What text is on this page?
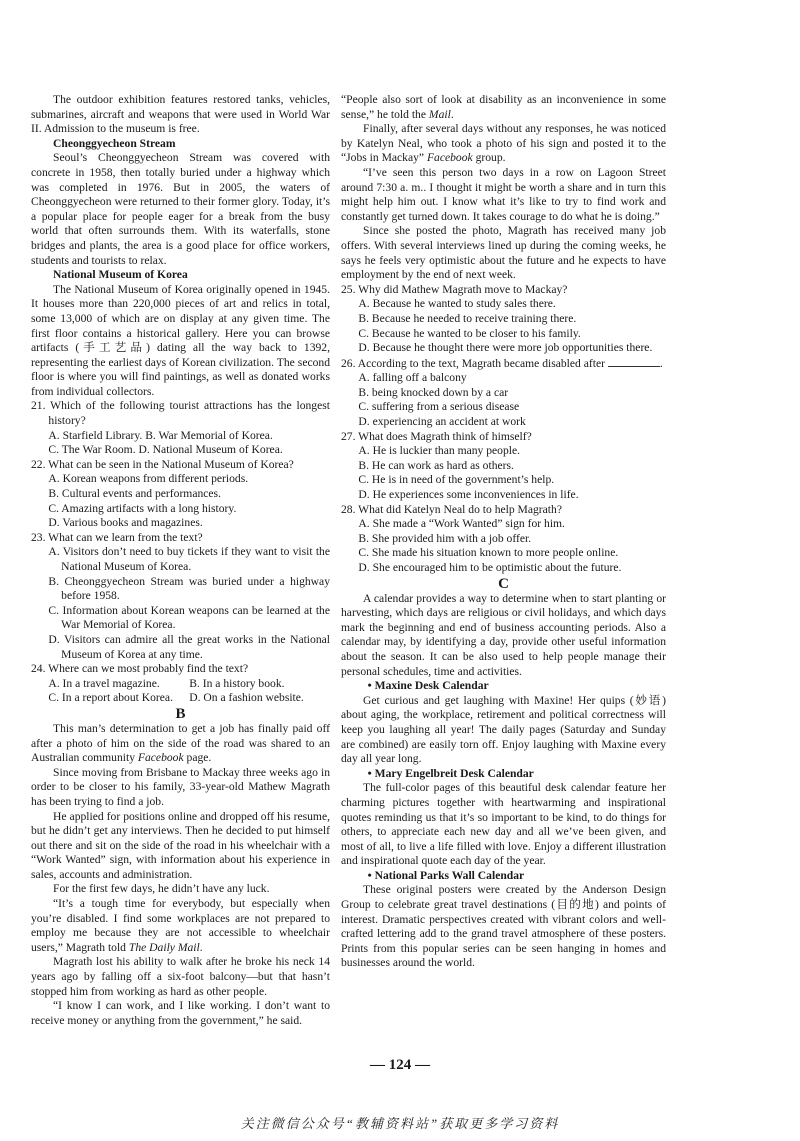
The outdoor exhibition features restored tanks, vehicles, submarines, aircraft and weapons that were used in World War II. Admission to the museum is free.

Cheonggyecheon Stream

Seoul’s Cheonggyecheon Stream was covered with concrete in 1958, then totally buried under a highway which was completed in 1976. But in 2005, the waters of Cheonggyecheon were returned to their former glory. Today, it’s a popular place for people eager for a break from the busy world that often surrounds them. With its waterfalls, stone bridges and plants, the area is a good place for office workers, students and tourists to relax.

National Museum of Korea

The National Museum of Korea originally opened in 1945. It houses more than 220,000 pieces of art and relics in total, some 13,000 of which are on display at any given time. The first floor contains a historical gallery. Here you can browse artifacts (手工艺品) dating all the way back to 1392, representing the earliest days of Korean civilization. The second floor is where you will find paintings, as well as donated works from individual collectors.

21. Which of the following tourist attractions has the longest history?

A. Starfield Library. B. War Memorial of Korea.

C. The War Room. D. National Museum of Korea.

22. What can be seen in the National Museum of Korea?

A. Korean weapons from different periods.

B. Cultural events and performances.

C. Amazing artifacts with a long history.

D. Various books and magazines.

23. What can we learn from the text?

A. Visitors don’t need to buy tickets if they want to visit the National Museum of Korea.

B. Cheonggyecheon Stream was buried under a highway before 1958.

C. Information about Korean weapons can be learned at the War Memorial of Korea.

D. Visitors can admire all the great works in the National Museum of Korea at any time.

24. Where can we most probably find the text?

A. In a travel magazine.	B. In a history book.
C. In a report about Korea.	D. On a fashion website.

B

This man’s determination to get a job has finally paid off after a photo of him on the side of the road was shared to an Australian community Facebook page.

Since moving from Brisbane to Mackay three weeks ago in order to be closer to his family, 33-year-old Mathew Magrath has been trying to find a job.

He applied for positions online and dropped off his resume, but he didn’t get any interviews. Then he decided to put himself out there and sit on the side of the road in his wheelchair with a “Work Wanted” sign, with information about his experience in sales, accounts and administration.

For the first few days, he didn’t have any luck.

“It’s a tough time for everybody, but especially when you’re disabled. I find some workplaces are not prepared to employ me because they are not accessible to wheelchair users,” Magrath told The Daily Mail.

Magrath lost his ability to walk after he broke his neck 14 years ago by falling off a six-foot balcony—but that hasn’t stopped him from working as hard as other people.

“I know I can work, and I like working. I don’t want to receive money or anything from the government,” he said.

“People also sort of look at disability as an inconvenience in some sense,” he told the Mail.

Finally, after several days without any responses, he was noticed by Katelyn Neal, who took a photo of his sign and posted it to the “Jobs in Mackay” Facebook group.

“I’ve seen this person two days in a row on Lagoon Street around 7:30 a. m.. I thought it might be worth a share and in turn this might help him out. I know what it’s like to try to find work and constantly get turned down. It takes courage to do what he is doing.”

Since she posted the photo, Magrath has received many job offers. With several interviews lined up during the coming weeks, he says he feels very optimistic about the future and he expects to have employment by the end of next week.

25. Why did Mathew Magrath move to Mackay?

A. Because he wanted to study sales there.

B. Because he needed to receive training there.

C. Because he wanted to be closer to his family.

D. Because he thought there were more job opportunities there.

26. According to the text, Magrath became disabled after	.

A. falling off a balcony

B. being knocked down by a car

C. suffering from a serious disease

D. experiencing an accident at work

27. What does Magrath think of himself?

A. He is luckier than many people.

B. He can work as hard as others.

C. He is in need of the government’s help.

D. He experiences some inconveniences in life.

28. What did Katelyn Neal do to help Magrath?

A. She made a “Work Wanted” sign for him.

B. She provided him with a job offer.

C. She made his situation known to more people online.

D. She encouraged him to be optimistic about the future.

C

A calendar provides a way to determine when to start planting or harvesting, which days are religious or civil holidays, and which days mark the beginning and end of business accounting periods. Also a calendar may, by identifying a day, provide other useful information about the season. It can be also used to help people manage their personal schedules, time and activities.

• Maxine Desk Calendar

Get curious and get laughing with Maxine! Her quips (妙语) about aging, the workplace, retirement and political correctness will keep you laughing all year! The daily pages (Saturday and Sunday are combined) are easily torn off. Enjoy laughing with Maxine every day all year long.

• Mary Engelbreit Desk Calendar

The full-color pages of this beautiful desk calendar feature her charming pictures together with heartwarming and inspirational quotes reminding us that it’s so important to be kind, to do things for others, to appreciate each new day and all we’ve been given, and most of all, to live a life filled with love. Enjoy a different illustration and inspirational quote each day of the year.

• National Parks Wall Calendar

These original posters were created by the Anderson Design Group to celebrate great travel destinations (目的地) and points of interest. Dramatic perspectives created with vibrant colors and well-crafted lettering add to the grand travel atmosphere of these posters. Prints from this popular series can be seen hanging in homes and businesses around the world.

— 124 —
关注微信公众号“教辅资料站”获取更多学习资料
